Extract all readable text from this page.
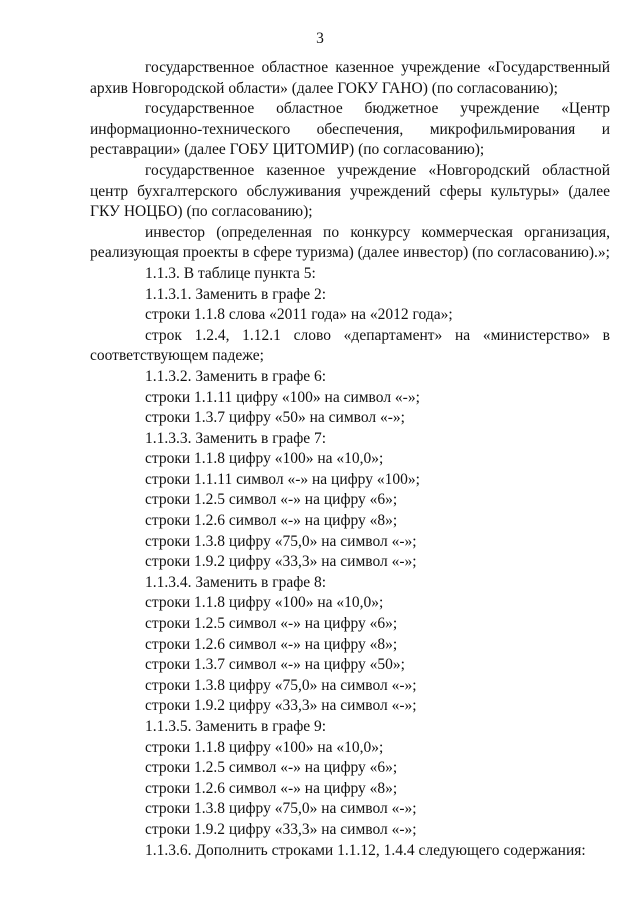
3

государственное областное казенное учреждение «Государственный архив Новгородской области» (далее ГОКУ ГАНО) (по согласованию);

государственное областное бюджетное учреждение «Центр информационно-технического обеспечения, микрофильмирования и реставрации» (далее ГОБУ ЦИТОМИР) (по согласованию);

государственное казенное учреждение «Новгородский областной центр бухгалтерского обслуживания учреждений сферы культуры» (далее ГКУ НОЦБО) (по согласованию);

инвестор (определенная по конкурсу коммерческая организация, реализующая проекты в сфере туризма) (далее инвестор) (по согласованию).»;

1.1.3. В таблице пункта 5:

1.1.3.1. Заменить в графе 2:

строки 1.1.8 слова «2011 года» на «2012 года»;

строк 1.2.4, 1.12.1 слово «департамент» на «министерство» в соответствующем падеже;

1.1.3.2. Заменить в графе 6:

строки 1.1.11 цифру «100» на символ «-»;

строки 1.3.7 цифру «50» на символ «-»;

1.1.3.3. Заменить в графе 7:

строки 1.1.8 цифру «100» на «10,0»;

строки 1.1.11 символ «-» на цифру «100»;

строки 1.2.5 символ «-» на цифру «6»;

строки 1.2.6 символ «-» на цифру «8»;

строки 1.3.8 цифру «75,0» на символ «-»;

строки 1.9.2 цифру «33,3» на символ «-»;

1.1.3.4. Заменить в графе 8:

строки 1.1.8 цифру «100» на «10,0»;

строки 1.2.5 символ «-» на цифру «6»;

строки 1.2.6 символ «-» на цифру «8»;

строки 1.3.7 символ «-» на цифру «50»;

строки 1.3.8 цифру «75,0» на символ «-»;

строки 1.9.2 цифру «33,3» на символ «-»;

1.1.3.5. Заменить в графе 9:

строки 1.1.8 цифру «100» на «10,0»;

строки 1.2.5 символ «-» на цифру «6»;

строки 1.2.6 символ «-» на цифру «8»;

строки 1.3.8 цифру «75,0» на символ «-»;

строки 1.9.2 цифру «33,3» на символ «-»;

1.1.3.6. Дополнить строками 1.1.12, 1.4.4 следующего содержания:
